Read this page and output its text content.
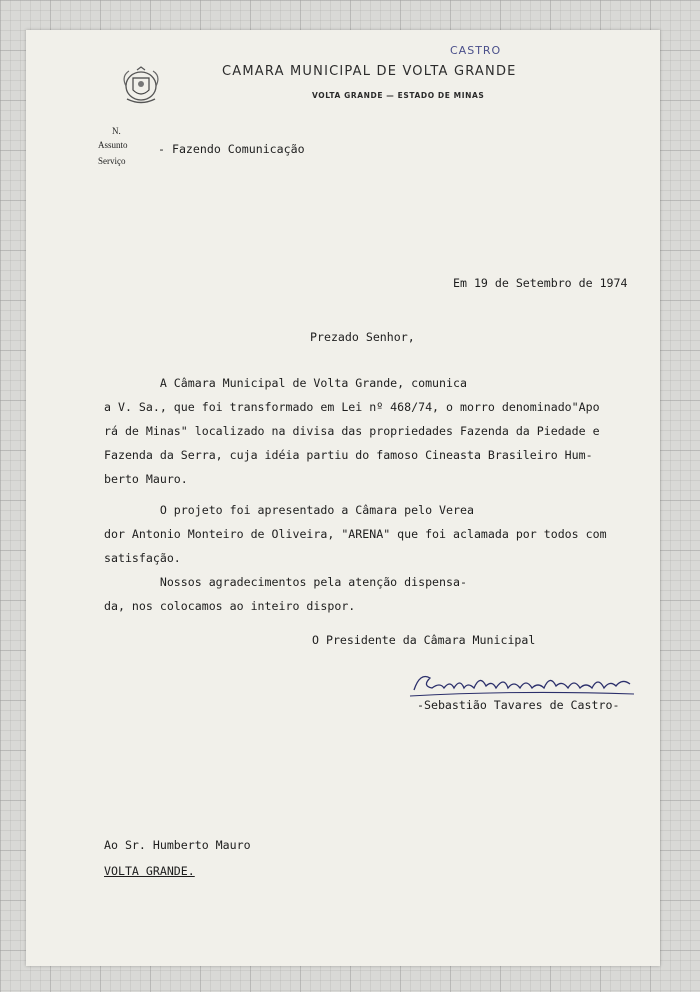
CASTRO
CAMARA MUNICIPAL DE VOLTA GRANDE
VOLTA GRANDE — ESTADO DE MINAS
N.
Assunto
Serviço
- Fazendo Comunicação
Em 19 de Setembro de 1974
Prezado Senhor,
A Câmara Municipal de Volta Grande, comunica
a V. Sa., que foi transformado em Lei nº 468/74, o morro denominado"Apo
rá de Minas" localizado na divisa das propriedades Fazenda da Piedade e
Fazenda da Serra, cuja idéia partiu do famoso Cineasta Brasileiro Hum-
berto Mauro.
O projeto foi apresentado a Câmara pelo Verea
dor Antonio Monteiro de Oliveira, "ARENA" que foi aclamada por todos com
satisfação.
Nossos agradecimentos pela atenção dispensa-
da, nos colocamos ao inteiro dispor.
O Presidente da Câmara Municipal
-Sebastião Tavares de Castro-
Ao Sr. Humberto Mauro
VOLTA GRANDE.
